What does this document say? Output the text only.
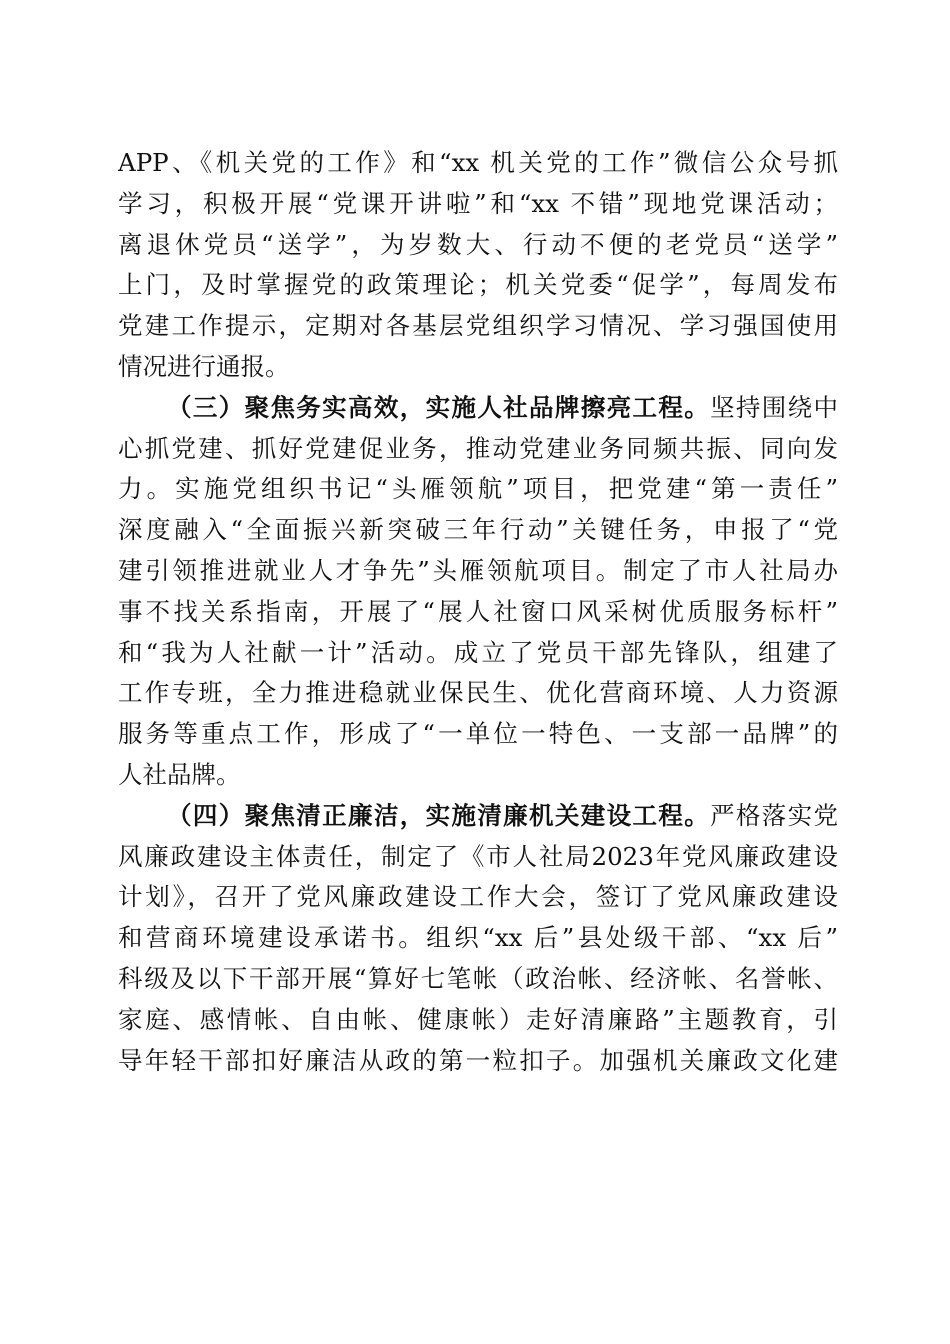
APP、《机关党的工作》和“xx 机关党的工作”微信公众号抓
学习，积极开展“党课开讲啦”和“xx 不错”现地党课活动；
离退休党员“送学”，为岁数大、行动不便的老党员“送学”
上门，及时掌握党的政策理论；机关党委“促学”，每周发布
党建工作提示，定期对各基层党组织学习情况、学习强国使用
情况进行通报。
（三）聚焦务实高效，实施人社品牌擦亮工程。坚持围绕中
心抓党建、抓好党建促业务，推动党建业务同频共振、同向发
力。实施党组织书记“头雁领航”项目，把党建“第一责任”
深度融入“全面振兴新突破三年行动”关键任务，申报了“党
建引领推进就业人才争先”头雁领航项目。制定了市人社局办
事不找关系指南，开展了“展人社窗口风采树优质服务标杆”
和“我为人社献一计”活动。成立了党员干部先锋队，组建了
工作专班，全力推进稳就业保民生、优化营商环境、人力资源
服务等重点工作，形成了“一单位一特色、一支部一品牌”的
人社品牌。
（四）聚焦清正廉洁，实施清廉机关建设工程。严格落实党
风廉政建设主体责任，制定了《市人社局2023年党风廉政建设
计划》，召开了党风廉政建设工作大会，签订了党风廉政建设
和营商环境建设承诺书。组织“xx 后”县处级干部、“xx 后”
科级及以下干部开展“算好七笔帐（政治帐、经济帐、名誉帐、
家庭、感情帐、自由帐、健康帐）走好清廉路”主题教育，引
导年轻干部扣好廉洁从政的第一粒扣子。加强机关廉政文化建
